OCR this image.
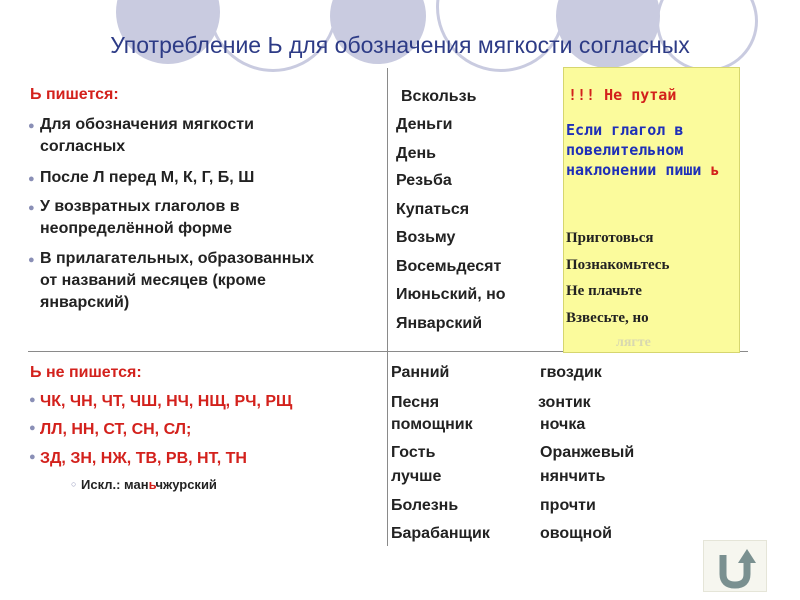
Употребление Ь для обозначения мягкости согласных
Ь пишется:
● Для обозначения мягкости согласных
● После Л перед М, К, Г, Б, Ш
● У возвратных глаголов в неопределённой форме
● В прилагательных, образованных от названий месяцев (кроме январский)
Вскользь
Деньги
День
Резьба
Купаться
Возьму
Восемьдесят
Июньский, но
Январский
!!! Не путай
Если глагол в повелительном наклонении пиши ь
Приготовься
Познакомьтесь
Не плачьте
Взвесьте, но
лягте
Ь не пишется:
● ЧК, ЧН, ЧТ, ЧШ, НЧ, НЩ, РЧ, РЩ
● ЛЛ, НН, СТ, СН, СЛ;
● ЗД, ЗН, НЖ, ТВ, РВ, НТ, ТН
○ Искл.: маньчжурский
Ранний
Песня
помощник
Гость
лучше
Болезнь
Барабанщик
гвоздик
зонтик
ночка
Оранжевый
нянчить
прочти
овощной
